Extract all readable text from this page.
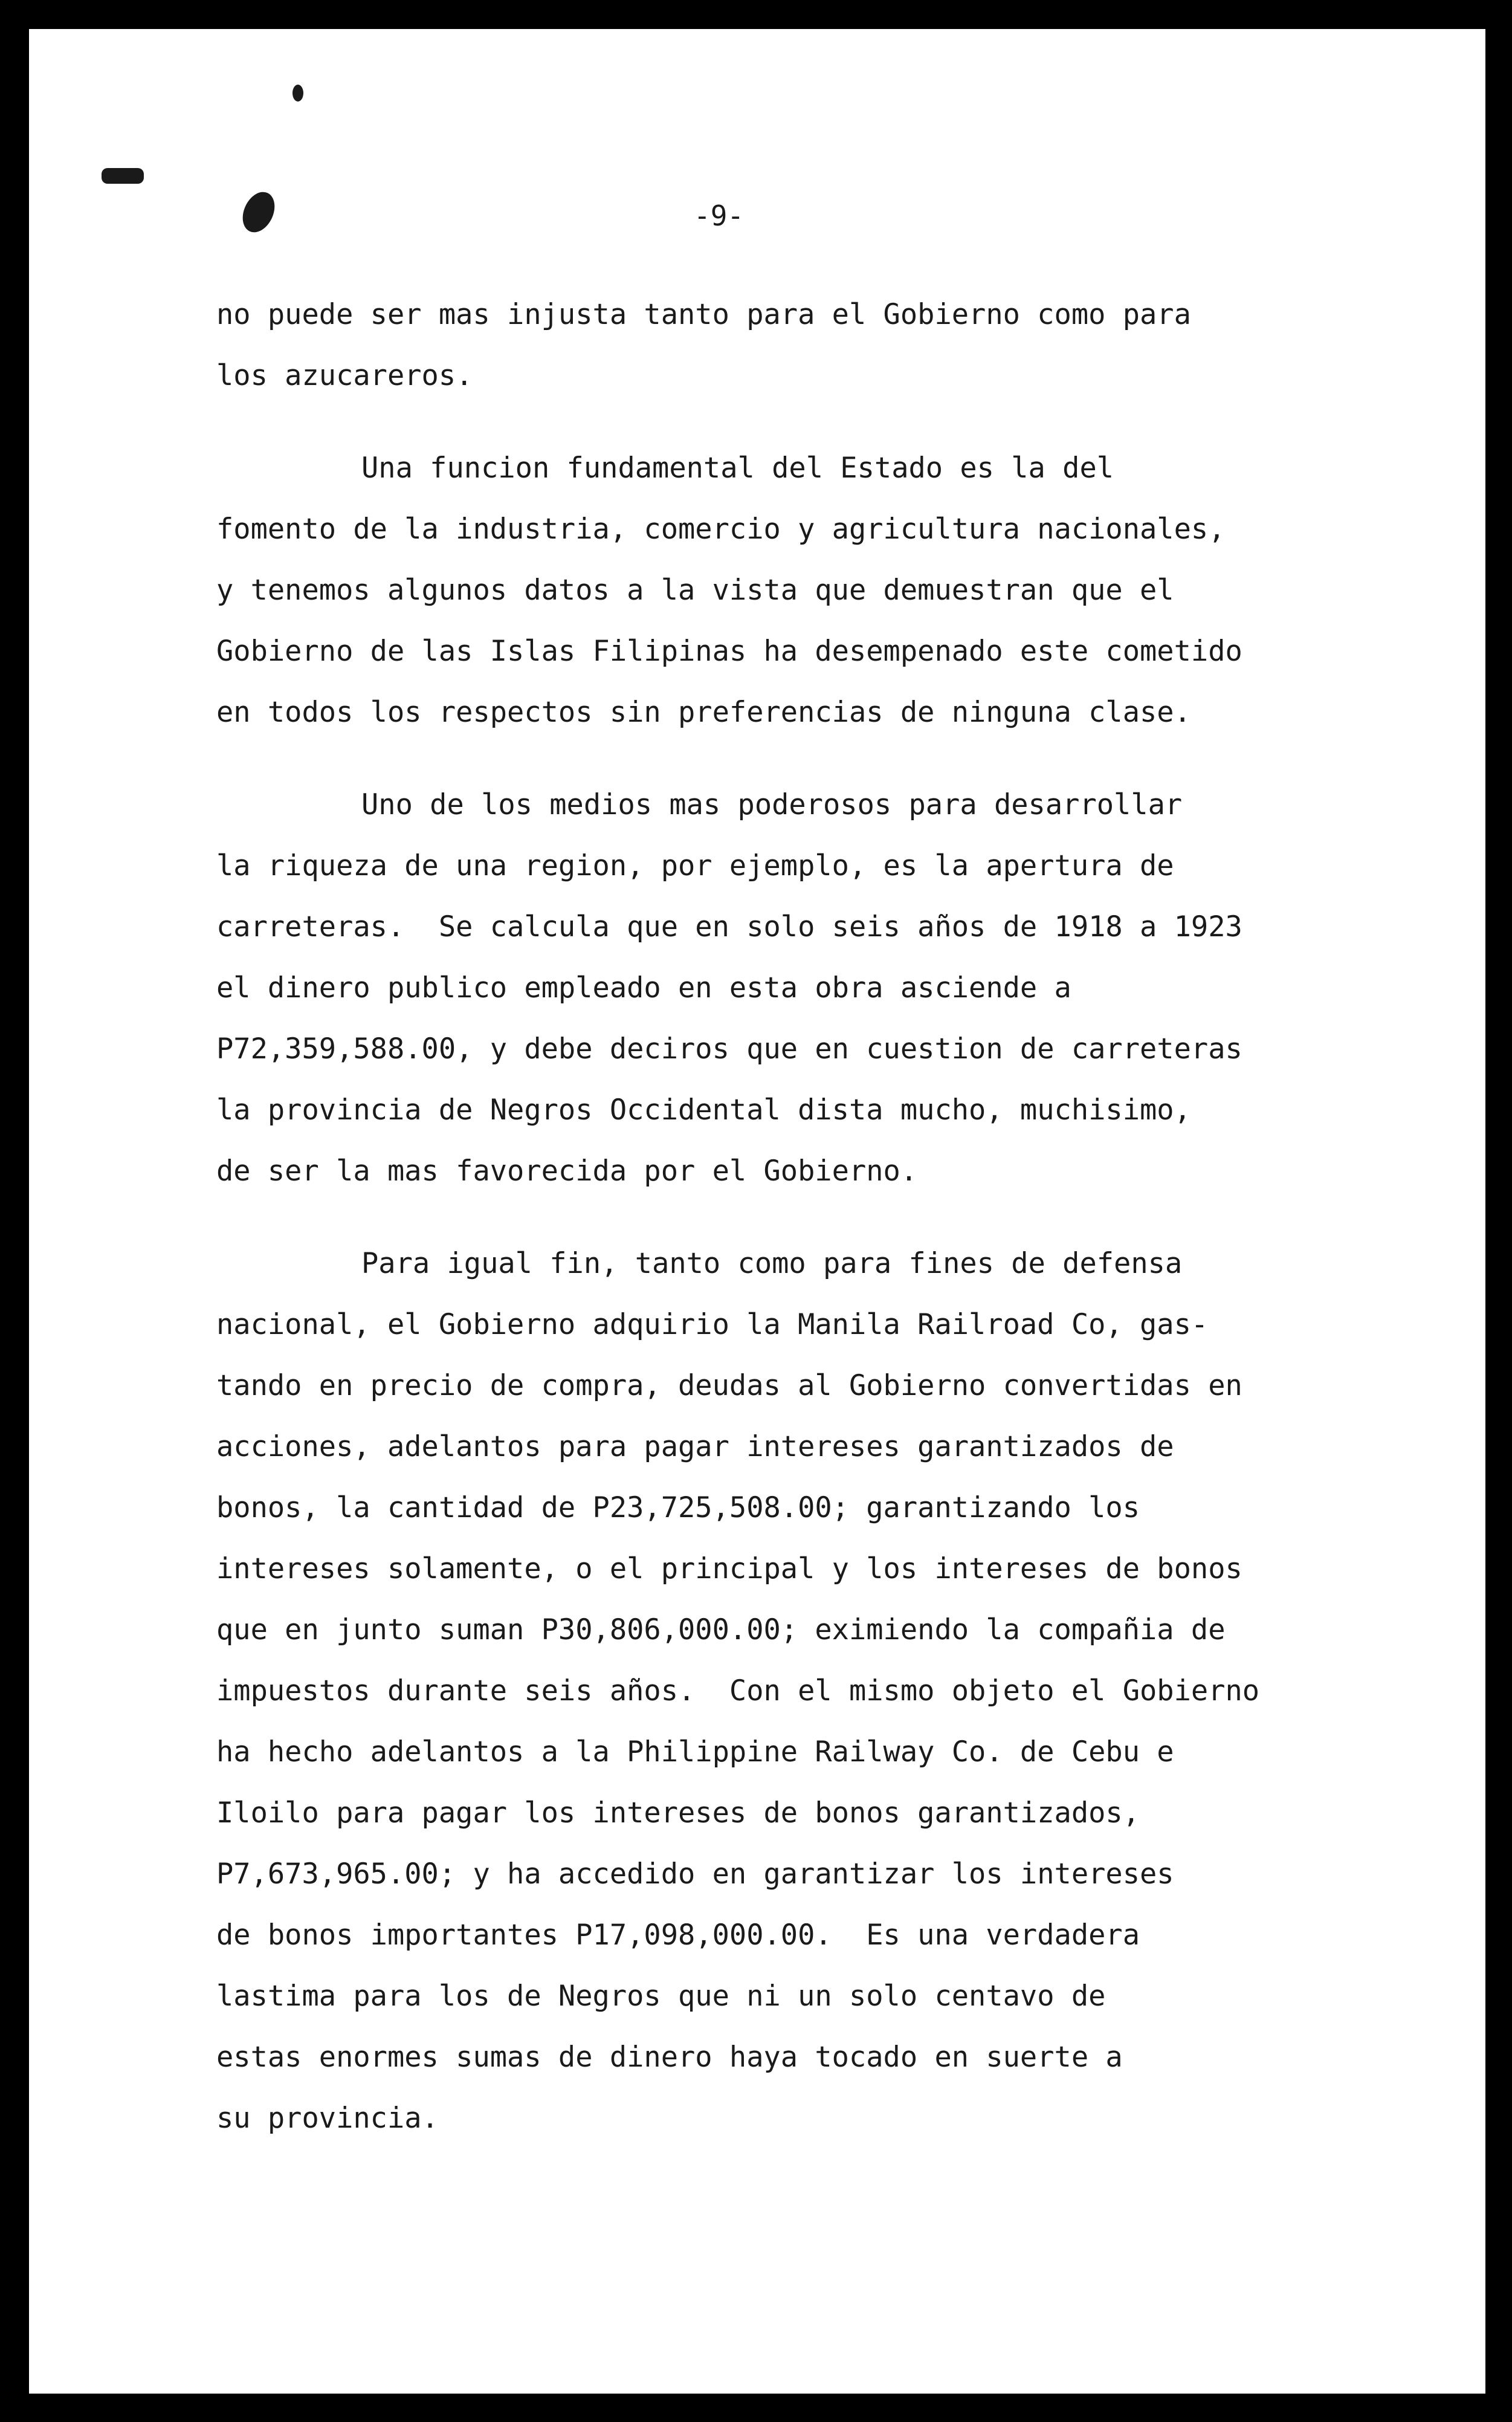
-9-
no puede ser mas injusta tanto para el Gobierno como para
los azucareros.
Una funcion fundamental del Estado es la del
fomento de la industria, comercio y agricultura nacionales,
y tenemos algunos datos a la vista que demuestran que el
Gobierno de las Islas Filipinas ha desempenado este cometido
en todos los respectos sin preferencias de ninguna clase.
Uno de los medios mas poderosos para desarrollar
la riqueza de una region, por ejemplo, es la apertura de
carreteras.  Se calcula que en solo seis años de 1918 a 1923
el dinero publico empleado en esta obra asciende a
P72,359,588.00, y debe deciros que en cuestion de carreteras
la provincia de Negros Occidental dista mucho, muchisimo,
de ser la mas favorecida por el Gobierno.
Para igual fin, tanto como para fines de defensa
nacional, el Gobierno adquirio la Manila Railroad Co, gas-
tando en precio de compra, deudas al Gobierno convertidas en
acciones, adelantos para pagar intereses garantizados de
bonos, la cantidad de P23,725,508.00; garantizando los
intereses solamente, o el principal y los intereses de bonos
que en junto suman P30,806,000.00; eximiendo la compañia de
impuestos durante seis años.  Con el mismo objeto el Gobierno
ha hecho adelantos a la Philippine Railway Co. de Cebu e
Iloilo para pagar los intereses de bonos garantizados,
P7,673,965.00; y ha accedido en garantizar los intereses
de bonos importantes P17,098,000.00.  Es una verdadera
lastima para los de Negros que ni un solo centavo de
estas enormes sumas de dinero haya tocado en suerte a
su provincia.
